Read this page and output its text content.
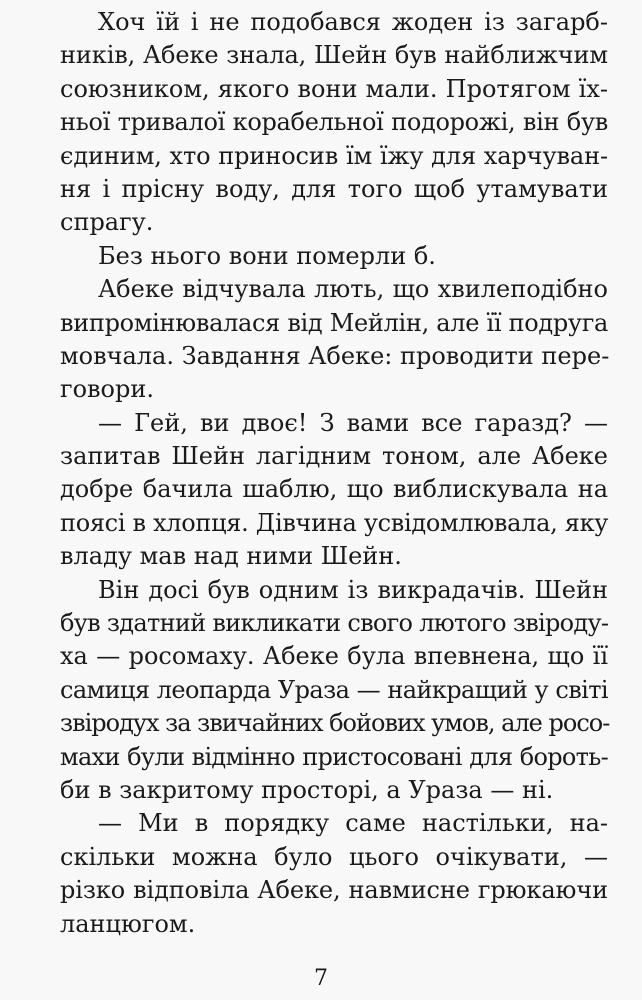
Хоч їй і не подобався жоден із загарб-
ників, Абеке знала, Шейн був найближчим
союзником, якого вони мали. Протягом їх-
ньої тривалої корабельної подорожі, він був
єдиним, хто приносив їм їжу для харчуван-
ня і прісну воду, для того щоб утамувати
спрагу.
Без нього вони померли б.
Абеке відчувала лють, що хвилеподібно
випромінювалася від Мейлін, але її подруга
мовчала. Завдання Абеке: проводити пере-
говори.
— Гей, ви двоє! З вами все гаразд? —
запитав Шейн лагідним тоном, але Абеке
добре бачила шаблю, що виблискувала на
поясі в хлопця. Дівчина усвідомлювала, яку
владу мав над ними Шейн.
Він досі був одним із викрадачів. Шейн
був здатний викликати свого лютого звіроду-
ха — росомаху. Абеке була впевнена, що її
самиця леопарда Ураза — найкращий у світі
звіродух за звичайних бойових умов, але росо-
махи були відмінно пристосовані для бороть-
би в закритому просторі, а Ураза — ні.
— Ми в порядку саме настільки, на-
скільки можна було цього очікувати, —
різко відповіла Абеке, навмисне грюкаючи
ланцюгом.
7
